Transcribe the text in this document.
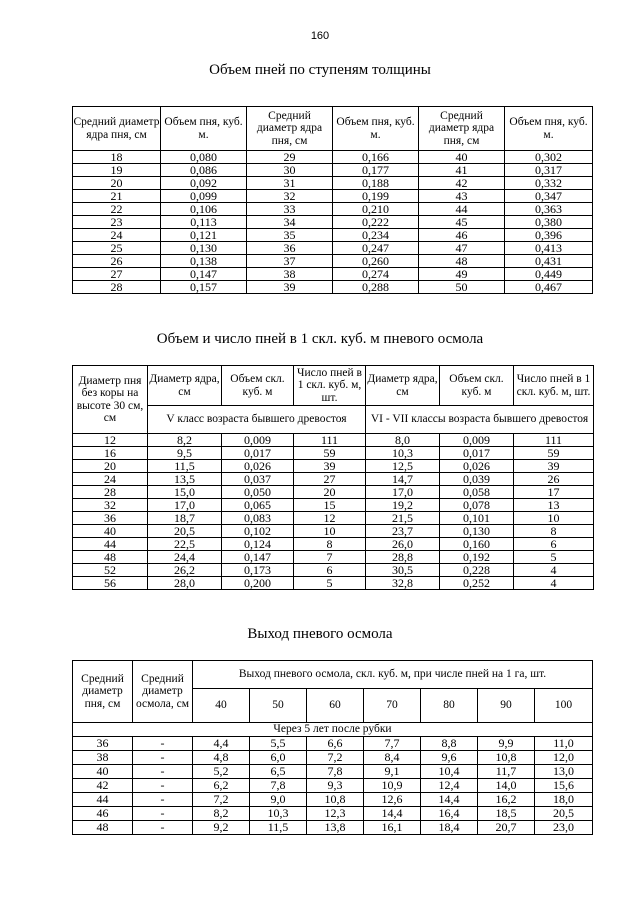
160
Объем пней по ступеням толщины
Средний диаметр ядра пня, см	Объем пня, куб. м.	Средний диаметр ядра пня, см	Объем пня, куб. м.	Средний диаметр ядра пня, см	Объем пня, куб. м.
18	0,080	29	0,166	40	0,302
19	0,086	30	0,177	41	0,317
20	0,092	31	0,188	42	0,332
21	0,099	32	0,199	43	0,347
22	0,106	33	0,210	44	0,363
23	0,113	34	0,222	45	0,380
24	0,121	35	0,234	46	0,396
25	0,130	36	0,247	47	0,413
26	0,138	37	0,260	48	0,431
27	0,147	38	0,274	49	0,449
28	0,157	39	0,288	50	0,467
Объем и число пней в 1 скл. куб. м пневого осмола
Диаметр пня без коры на высоте 30 см, см	Диаметр ядра, см	Объем скл. куб. м	Число пней в 1 скл. куб. м, шт.	Диаметр ядра, см	Объем скл. куб. м	Число пней в 1 скл. куб. м, шт.
	V класс возраста бывшего древостоя			VI - VII классы возраста бывшего древостоя		
12	8,2	0,009	111	8,0	0,009	111
16	9,5	0,017	59	10,3	0,017	59
20	11,5	0,026	39	12,5	0,026	39
24	13,5	0,037	27	14,7	0,039	26
28	15,0	0,050	20	17,0	0,058	17
32	17,0	0,065	15	19,2	0,078	13
36	18,7	0,083	12	21,5	0,101	10
40	20,5	0,102	10	23,7	0,130	8
44	22,5	0,124	8	26,0	0,160	6
48	24,4	0,147	7	28,8	0,192	5
52	26,2	0,173	6	30,5	0,228	4
56	28,0	0,200	5	32,8	0,252	4
Выход пневого осмола
Средний диаметр пня, см	Средний диаметр осмола, см	Выход пневого осмола, скл. куб. м, при числе пней на 1 га, шт.						
		40	50	60	70	80	90	100
Через 5 лет после рубки								
36	-	4,4	5,5	6,6	7,7	8,8	9,9	11,0
38	-	4,8	6,0	7,2	8,4	9,6	10,8	12,0
40	-	5,2	6,5	7,8	9,1	10,4	11,7	13,0
42	-	6,2	7,8	9,3	10,9	12,4	14,0	15,6
44	-	7,2	9,0	10,8	12,6	14,4	16,2	18,0
46	-	8,2	10,3	12,3	14,4	16,4	18,5	20,5
48	-	9,2	11,5	13,8	16,1	18,4	20,7	23,0
